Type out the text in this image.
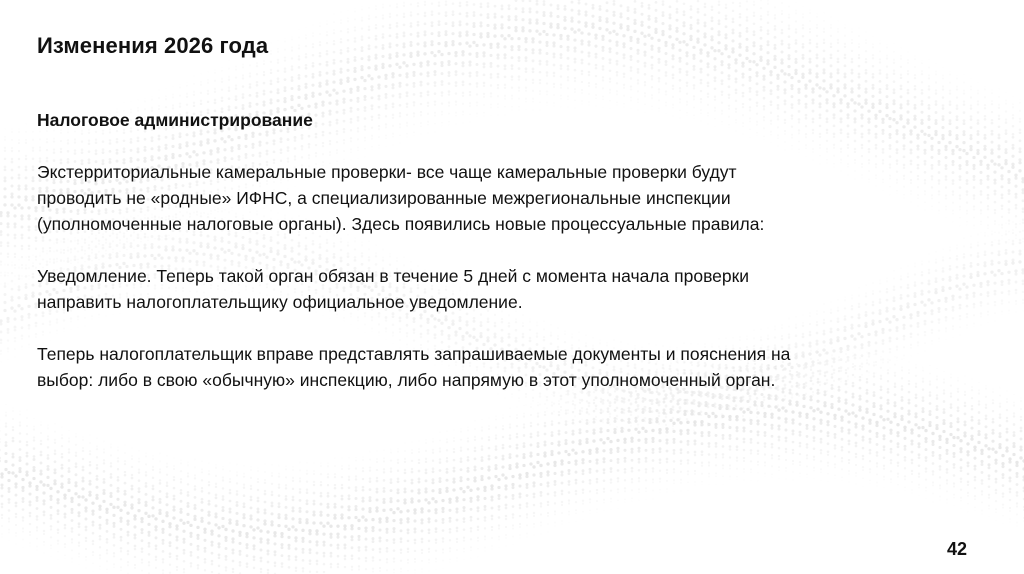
Изменения 2026 года
Налоговое администрирование
Экстерриториальные камеральные проверки- все чаще камеральные проверки будут
проводить не «родные» ИФНС, а специализированные межрегиональные инспекции
(уполномоченные налоговые органы). Здесь появились новые процессуальные правила:
Уведомление. Теперь такой орган обязан в течение 5 дней с момента начала проверки
направить налогоплательщику официальное уведомление.
Теперь налогоплательщик вправе представлять запрашиваемые документы и пояснения на
выбор: либо в свою «обычную» инспекцию, либо напрямую в этот уполномоченный орган.
42
